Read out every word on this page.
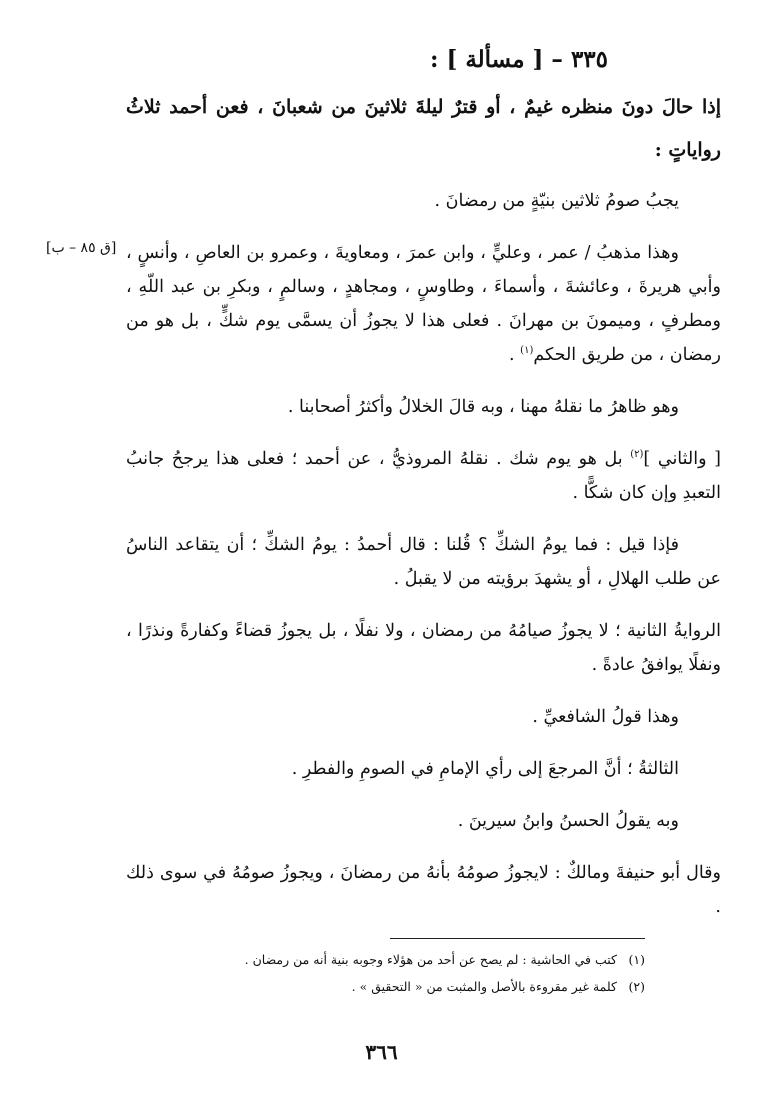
٣٣٥ – [ مسألة ] :
[ق ٨٥ – ب]

إذا حالَ دونَ منظره غيمٌ ، أو قترٌ ليلةَ ثلاثينَ من شعبانَ ، فعن أحمد ثلاثُ رواياتٍ :

يجبُ صومُ ثلاثين بنيّةٍ من رمضانَ .

وهذا مذهبُ / عمر ، وعليٍّ ، وابن عمرَ ، ومعاويةَ ، وعمرو بن العاصِ ، وأنسٍ ، وأبي هريرةَ ، وعائشةَ ، وأسماءَ ، وطاوسٍ ، ومجاهدٍ ، وسالمٍ ، وبكرِ بن عبد اللّهِ ، ومطرفٍ ، وميمونَ بن مهرانَ . فعلى هذا لا يجوزُ أن يسمَّى يوم شكٍّ ، بل هو من رمضان ، من طريق الحكم$^{(١)}$ .

وهو ظاهرُ ما نقلهُ مهنا ، وبه قالَ الخلالُ وأكثرُ أصحابنا .

[ والثاني ]$^{(٢)}$ بل هو يوم شك . نقلهُ المروذيُّ ، عن أحمد ؛ فعلى هذا يرجحُ جانبُ التعبدِ وإن كان شكًّا .

فإذا قيل : فما يومُ الشكِّ ؟ قُلنا : قال أحمدُ : يومُ الشكِّ ؛ أن يتقاعد الناسُ عن طلب الهلالِ ، أو يشهدَ برؤيته من لا يقبلُ .

الروايةُ الثانية ؛ لا يجوزُ صيامُهُ من رمضان ، ولا نفلًا ، بل يجوزُ قضاءً وكفارةً ونذرًا ، ونفلًا يوافقُ عادةً .

وهذا قولُ الشافعيِّ .

الثالثةُ ؛ أنَّ المرجعَ إلى رأي الإمامِ في الصومِ والفطرِ .

وبه يقولُ الحسنُ وابنُ سيرينَ .

وقال أبو حنيفةَ ومالكٌ : لايجوزُ صومُهُ بأنهُ من رمضانَ ، ويجوزُ صومُهُ في سوى ذلك .

(١)كتب في الحاشية : لم يصح عن أحد من هؤلاء وجوبه بنية أنه من رمضان .

(٢)كلمة غير مقروءة بالأصل والمثبت من « التحقيق » .

٣٦٦
